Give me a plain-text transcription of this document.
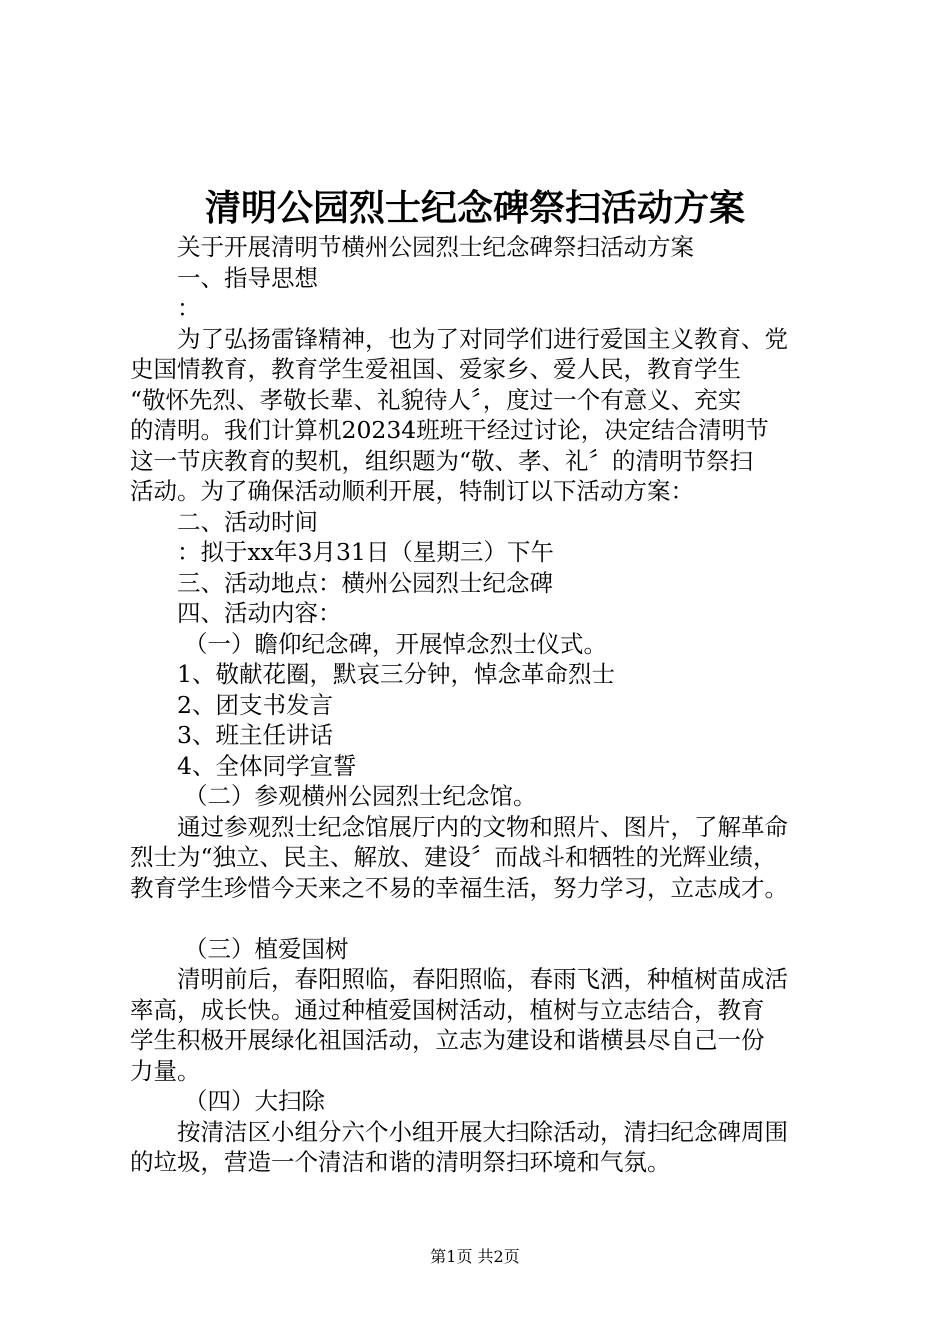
清明公园烈士纪念碑祭扫活动方案
关于开展清明节横州公园烈士纪念碑祭扫活动方案
一、指导思想
：
为了弘扬雷锋精神，也为了对同学们进行爱国主义教育、党
史国情教育，教育学生爱祖国、爱家乡、爱人民，教育学生
“敬怀先烈、孝敬长辈、礼貌待人〞，度过一个有意义、充实
的清明。我们计算机20234班班干经过讨论，决定结合清明节
这一节庆教育的契机，组织题为“敬、孝、礼〞的清明节祭扫
活动。为了确保活动顺利开展，特制订以下活动方案：
二、活动时间
：拟于xx年3月31日（星期三）下午
三、活动地点：横州公园烈士纪念碑
四、活动内容：
（一）瞻仰纪念碑，开展悼念烈士仪式。
1、敬献花圈，默哀三分钟，悼念革命烈士
2、团支书发言
3、班主任讲话
4、全体同学宣誓
（二）参观横州公园烈士纪念馆。
通过参观烈士纪念馆展厅内的文物和照片、图片，了解革命
烈士为“独立、民主、解放、建设〞而战斗和牺牲的光辉业绩，
教育学生珍惜今天来之不易的幸福生活，努力学习，立志成才。
（三）植爱国树
清明前后，春阳照临，春阳照临，春雨飞洒，种植树苗成活
率高，成长快。通过种植爱国树活动，植树与立志结合，教育
学生积极开展绿化祖国活动，立志为建设和谐横县尽自己一份
力量。
（四）大扫除
按清洁区小组分六个小组开展大扫除活动，清扫纪念碑周围
的垃圾，营造一个清洁和谐的清明祭扫环境和气氛。
第1页 共2页
